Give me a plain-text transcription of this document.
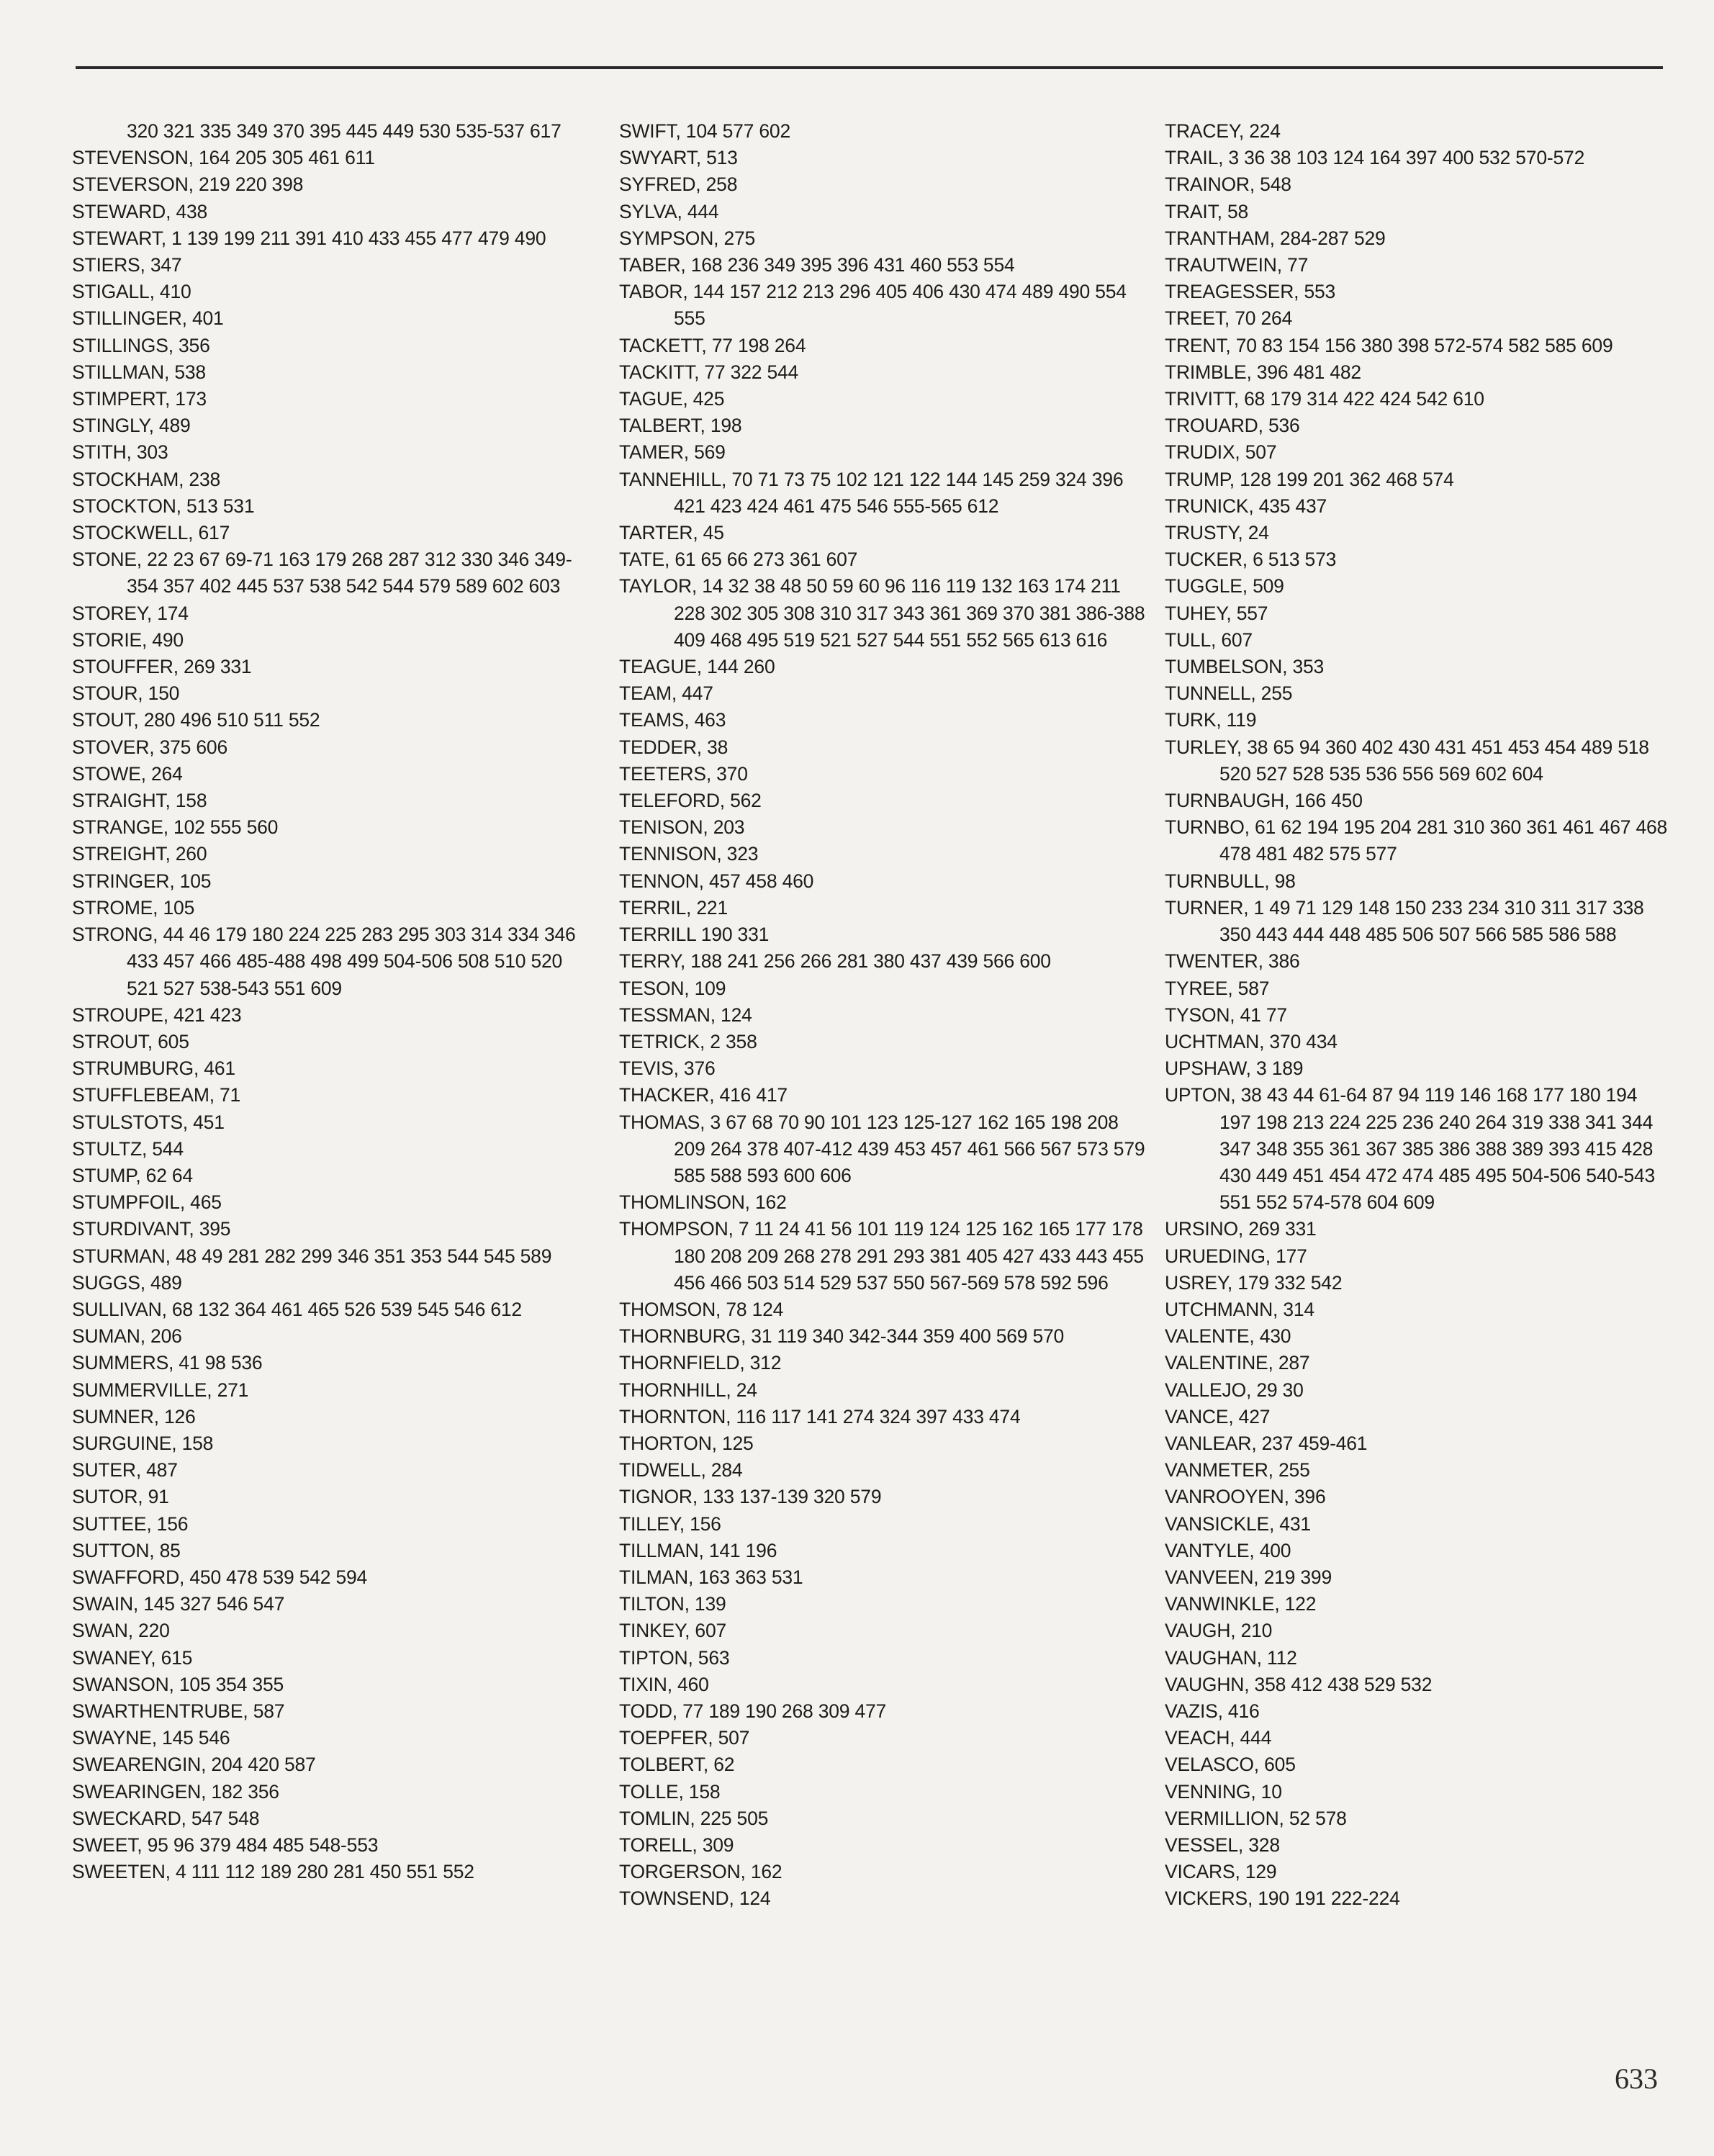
320 321 335 349 370 395 445 449 530 535-537 617
STEVENSON, 164 205 305 461 611
STEVERSON, 219 220 398
STEWARD, 438
STEWART, 1 139 199 211 391 410 433 455 477 479 490
STIERS, 347
STIGALL, 410
STILLINGER, 401
STILLINGS, 356
STILLMAN, 538
STIMPERT, 173
STINGLY, 489
STITH, 303
STOCKHAM, 238
STOCKTON, 513 531
STOCKWELL, 617
STONE, 22 23 67 69-71 163 179 268 287 312 330 346 349-354 357 402 445 537 538 542 544 579 589 602 603
STOREY, 174
STORIE, 490
STOUFFER, 269 331
STOUR, 150
STOUT, 280 496 510 511 552
STOVER, 375 606
STOWE, 264
STRAIGHT, 158
STRANGE, 102 555 560
STREIGHT, 260
STRINGER, 105
STROME, 105
STRONG, 44 46 179 180 224 225 283 295 303 314 334 346 433 457 466 485-488 498 499 504-506 508 510 520 521 527 538-543 551 609
STROUPE, 421 423
STROUT, 605
STRUMBURG, 461
STUFFLEBEAM, 71
STULSTOTS, 451
STULTZ, 544
STUMP, 62 64
STUMPFOIL, 465
STURDIVANT, 395
STURMAN, 48 49 281 282 299 346 351 353 544 545 589
SUGGS, 489
SULLIVAN, 68 132 364 461 465 526 539 545 546 612
SUMAN, 206
SUMMERS, 41 98 536
SUMMERVILLE, 271
SUMNER, 126
SURGUINE, 158
SUTER, 487
SUTOR, 91
SUTTEE, 156
SUTTON, 85
SWAFFORD, 450 478 539 542 594
SWAIN, 145 327 546 547
SWAN, 220
SWANEY, 615
SWANSON, 105 354 355
SWARTHENTRUBE, 587
SWAYNE, 145 546
SWEARENGIN, 204 420 587
SWEARINGEN, 182 356
SWECKARD, 547 548
SWEET, 95 96 379 484 485 548-553
SWEETEN, 4 111 112 189 280 281 450 551 552
SWIFT, 104 577 602
SWYART, 513
SYFRED, 258
SYLVA, 444
SYMPSON, 275
TABER, 168 236 349 395 396 431 460 553 554
TABOR, 144 157 212 213 296 405 406 430 474 489 490 554 555
TACKETT, 77 198 264
TACKITT, 77 322 544
TAGUE, 425
TALBERT, 198
TAMER, 569
TANNEHILL, 70 71 73 75 102 121 122 144 145 259 324 396 421 423 424 461 475 546 555-565 612
TARTER, 45
TATE, 61 65 66 273 361 607
TAYLOR, 14 32 38 48 50 59 60 96 116 119 132 163 174 211 228 302 305 308 310 317 343 361 369 370 381 386-388 409 468 495 519 521 527 544 551 552 565 613 616
TEAGUE, 144 260
TEAM, 447
TEAMS, 463
TEDDER, 38
TEETERS, 370
TELEFORD, 562
TENISON, 203
TENNISON, 323
TENNON, 457 458 460
TERRIL, 221
TERRILL 190 331
TERRY, 188 241 256 266 281 380 437 439 566 600
TESON, 109
TESSMAN, 124
TETRICK, 2 358
TEVIS, 376
THACKER, 416 417
THOMAS, 3 67 68 70 90 101 123 125-127 162 165 198 208 209 264 378 407-412 439 453 457 461 566 567 573 579 585 588 593 600 606
THOMLINSON, 162
THOMPSON, 7 11 24 41 56 101 119 124 125 162 165 177 178 180 208 209 268 278 291 293 381 405 427 433 443 455 456 466 503 514 529 537 550 567-569 578 592 596
THOMSON, 78 124
THORNBURG, 31 119 340 342-344 359 400 569 570
THORNFIELD, 312
THORNHILL, 24
THORNTON, 116 117 141 274 324 397 433 474
THORTON, 125
TIDWELL, 284
TIGNOR, 133 137-139 320 579
TILLEY, 156
TILLMAN, 141 196
TILMAN, 163 363 531
TILTON, 139
TINKEY, 607
TIPTON, 563
TIXIN, 460
TODD, 77 189 190 268 309 477
TOEPFER, 507
TOLBERT, 62
TOLLE, 158
TOMLIN, 225 505
TORELL, 309
TORGERSON, 162
TOWNSEND, 124
TRACEY, 224
TRAIL, 3 36 38 103 124 164 397 400 532 570-572
TRAINOR, 548
TRAIT, 58
TRANTHAM, 284-287 529
TRAUTWEIN, 77
TREAGESSER, 553
TREET, 70 264
TRENT, 70 83 154 156 380 398 572-574 582 585 609
TRIMBLE, 396 481 482
TRIVITT, 68 179 314 422 424 542 610
TROUARD, 536
TRUDIX, 507
TRUMP, 128 199 201 362 468 574
TRUNICK, 435 437
TRUSTY, 24
TUCKER, 6 513 573
TUGGLE, 509
TUHEY, 557
TULL, 607
TUMBELSON, 353
TUNNELL, 255
TURK, 119
TURLEY, 38 65 94 360 402 430 431 451 453 454 489 518 520 527 528 535 536 556 569 602 604
TURNBAUGH, 166 450
TURNBO, 61 62 194 195 204 281 310 360 361 461 467 468 478 481 482 575 577
TURNBULL, 98
TURNER, 1 49 71 129 148 150 233 234 310 311 317 338 350 443 444 448 485 506 507 566 585 586 588
TWENTER, 386
TYREE, 587
TYSON, 41 77
UCHTMAN, 370 434
UPSHAW, 3 189
UPTON, 38 43 44 61-64 87 94 119 146 168 177 180 194 197 198 213 224 225 236 240 264 319 338 341 344 347 348 355 361 367 385 386 388 389 393 415 428 430 449 451 454 472 474 485 495 504-506 540-543 551 552 574-578 604 609
URSINO, 269 331
URUEDING, 177
USREY, 179 332 542
UTCHMANN, 314
VALENTE, 430
VALENTINE, 287
VALLEJO, 29 30
VANCE, 427
VANLEAR, 237 459-461
VANMETER, 255
VANROOYEN, 396
VANSICKLE, 431
VANTYLE, 400
VANVEEN, 219 399
VANWINKLE, 122
VAUGH, 210
VAUGHAN, 112
VAUGHN, 358 412 438 529 532
VAZIS, 416
VEACH, 444
VELASCO, 605
VENNING, 10
VERMILLION, 52 578
VESSEL, 328
VICARS, 129
VICKERS, 190 191 222-224
633
